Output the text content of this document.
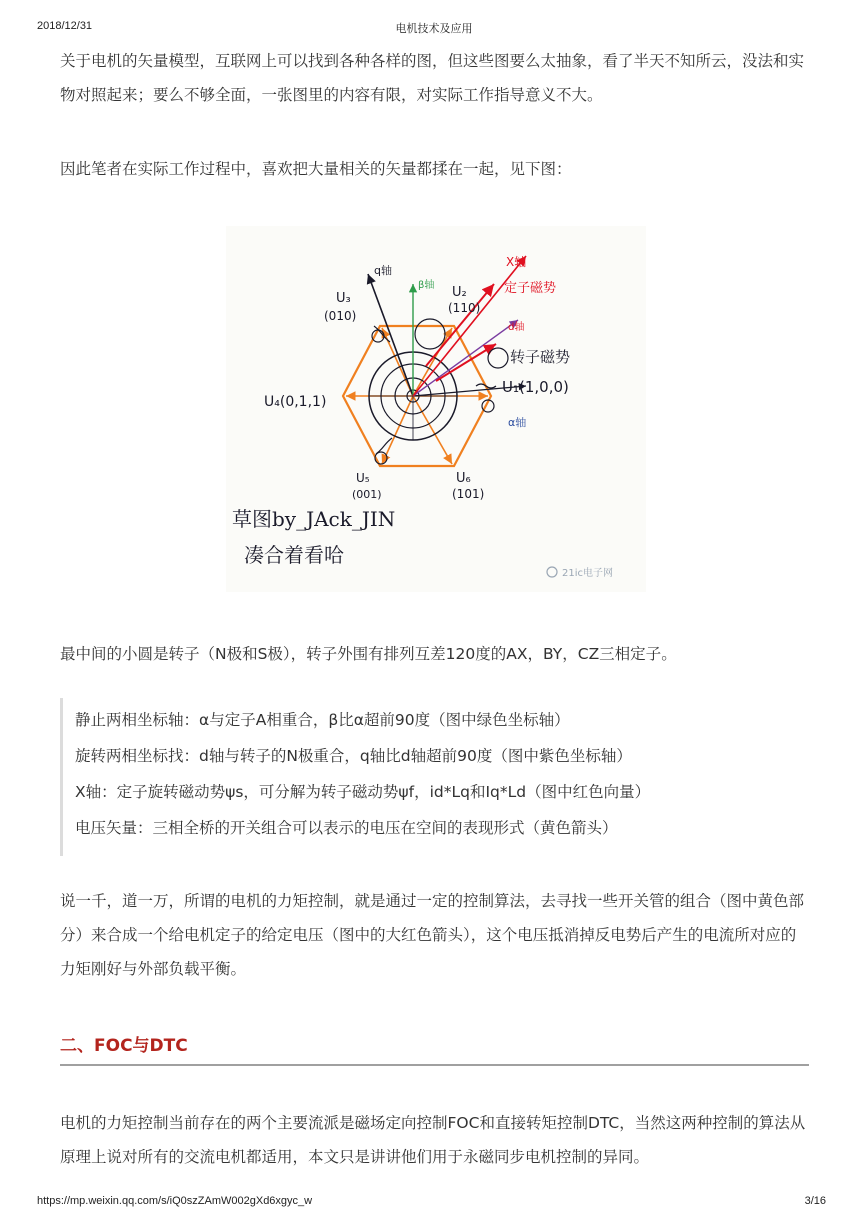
2018/12/31	电机技术及应用

关于电机的矢量模型，互联网上可以找到各种各样的图，但这些图要么太抽象，看了半天不知所云，没法和实物对照起来；要么不够全面，一张图里的内容有限，对实际工作指导意义不大。

因此笔者在实际工作过程中，喜欢把大量相关的矢量都揉在一起，见下图：

q轴
β轴
X轴
定子磁势
d轴
转子磁势
α轴
U₁(1,0,0)
U₂
(110)
U₃
(010)
U₄(0,1,1)
U₅
(001)
U₆
(101)
草图by_JAck_JIN
凑合着看哈
21ic电子网

最中间的小圆是转子（N极和S极），转子外围有排列互差120度的AX，BY，CZ三相定子。

静止两相坐标轴：α与定子A相重合，β比α超前90度（图中绿色坐标轴）
旋转两相坐标找：d轴与转子的N极重合，q轴比d轴超前90度（图中紫色坐标轴）
X轴：定子旋转磁动势ψs，可分解为转子磁动势ψf，id*Lq和Iq*Ld（图中红色向量）
电压矢量：三相全桥的开关组合可以表示的电压在空间的表现形式（黄色箭头）

说一千，道一万，所谓的电机的力矩控制，就是通过一定的控制算法，去寻找一些开关管的组合（图中黄色部分）来合成一个给电机定子的给定电压（图中的大红色箭头），这个电压抵消掉反电势后产生的电流所对应的力矩刚好与外部负载平衡。

二、FOC与DTC

电机的力矩控制当前存在的两个主要流派是磁场定向控制FOC和直接转矩控制DTC，当然这两种控制的算法从原理上说对所有的交流电机都适用，本文只是讲讲他们用于永磁同步电机控制的异同。

https://mp.weixin.qq.com/s/iQ0szZAmW002gXd6xgyc_w	3/16
